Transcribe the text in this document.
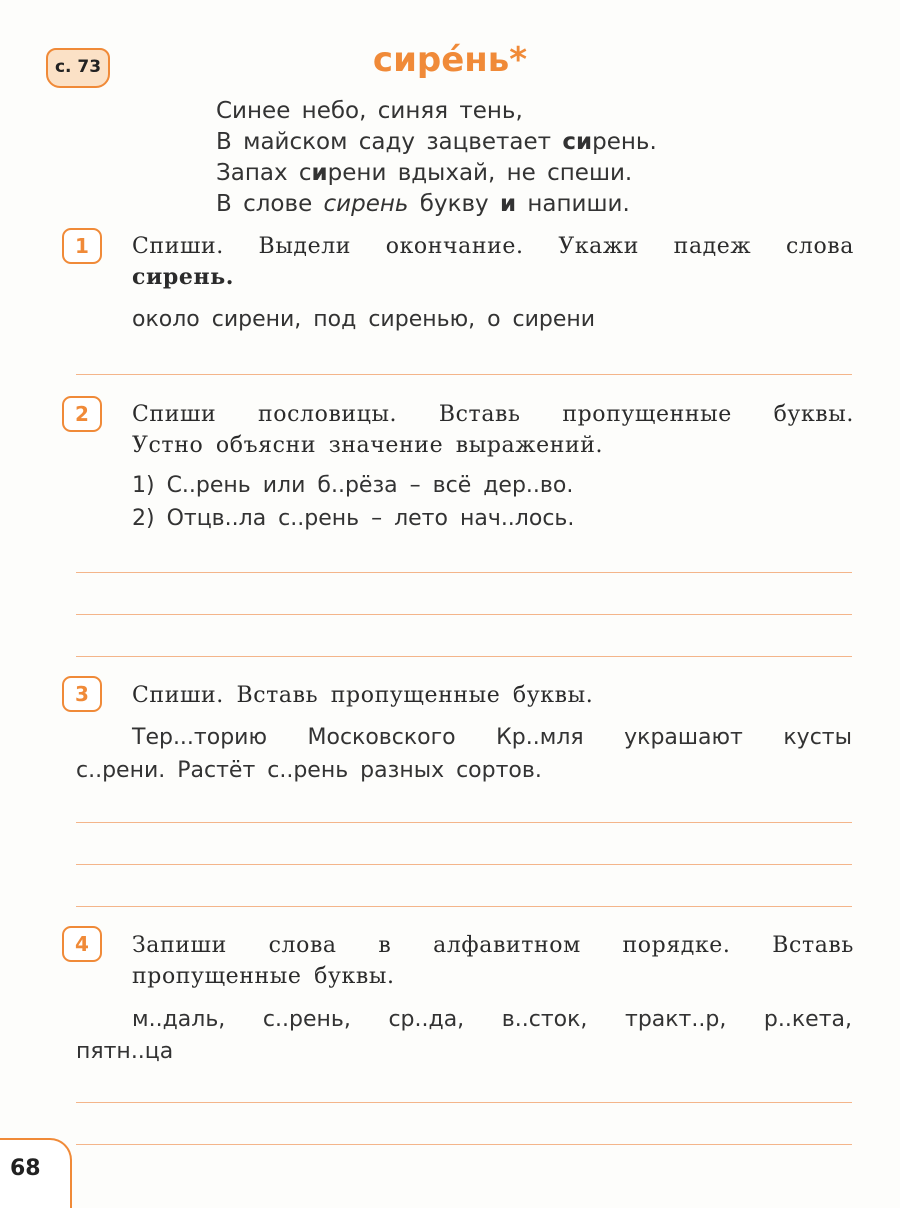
с. 73	сире́нь*
Синее небо, синяя тень,
В майском саду зацветает сирень.
Запах сирени вдыхай, не спеши.
В слове сирень букву и напиши.
1	Спиши. Выдели окончание. Укажи падеж слова
сирень.
около сирени, под сиренью, о сирени
2	Спиши пословицы. Вставь пропущенные буквы.
Устно объясни значение выражений.
1) С..рень или б..рёза – всё дер..во.
2) Отцв..ла с..рень – лето нач..лось.
3	Спиши. Вставь пропущенные буквы.
Тер...торию Московского Кр..мля украшают кусты
с..рени. Растёт с..рень разных сортов.
4	Запиши слова в алфавитном порядке. Вставь
пропущенные буквы.
м..даль, с..рень, ср..да, в..сток, тракт..р, р..кета,
пятн..ца
68
